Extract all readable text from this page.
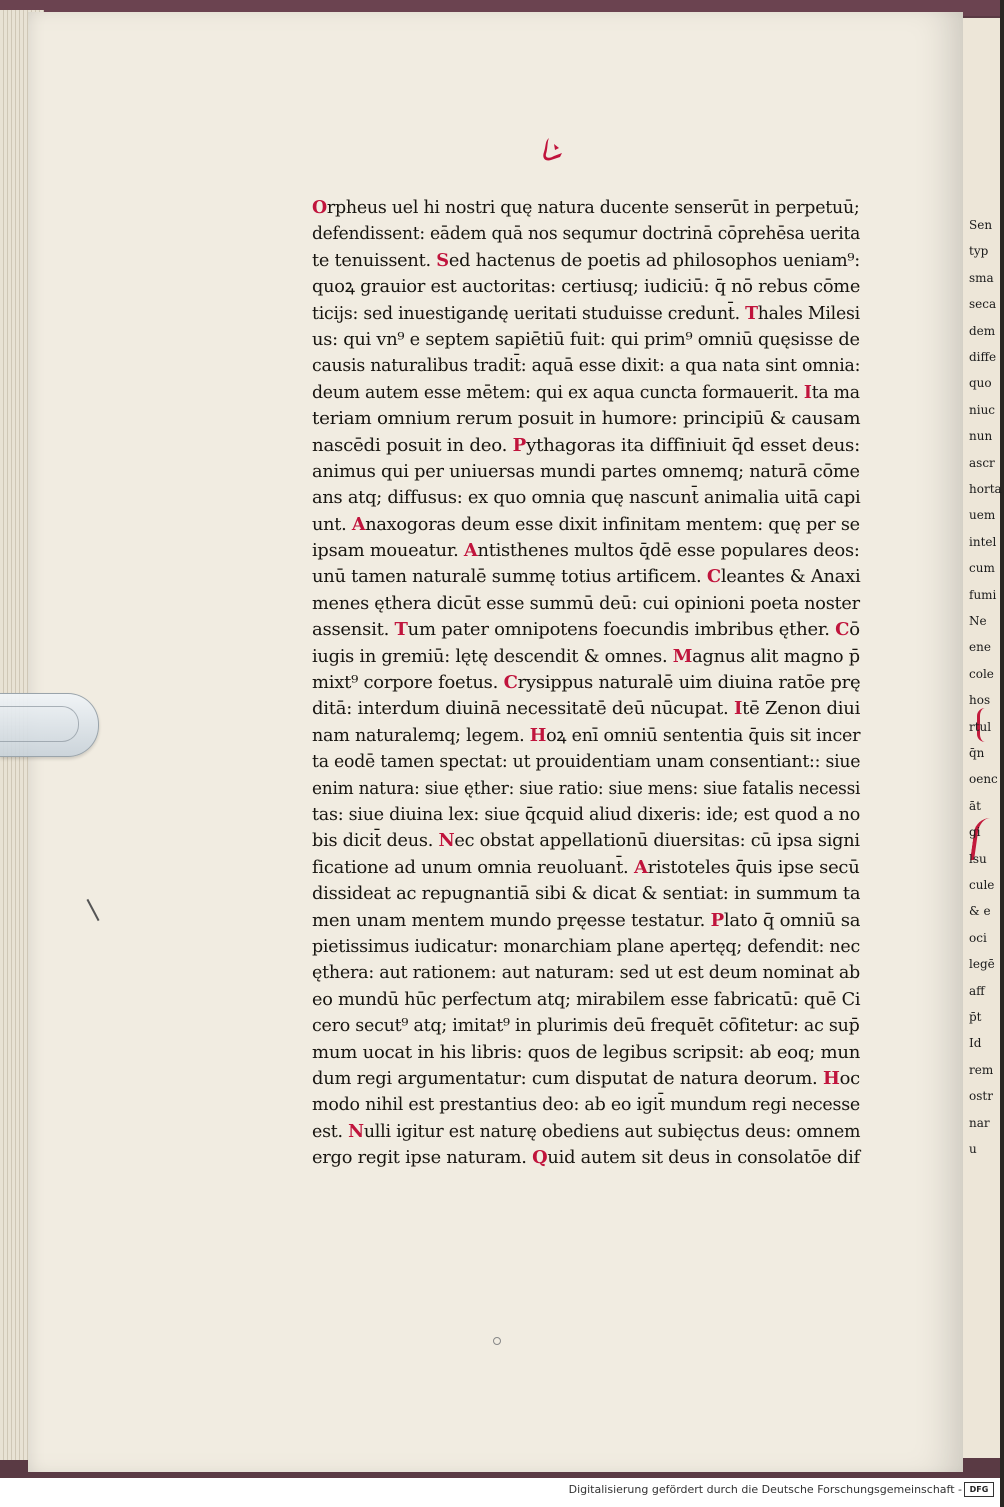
Sen
typ
sma
seca
dem
diffe
quo
niuc
nun
ascr
horta
uem
intel
cum
fumi
Ne
ene
cole
hos
rtul
q̄n
oenc
āt
gi
lsu
cule
& e
oci
legē
aff
p̄t
Id
rem
ostr
nar
u
L
Orpheus uel hi nostri quę natura ducente senserūt in perpetuū;
defendissent: eādem quā nos sequmur doctrinā cōprehēsa uerita
te tenuissent. Sed hactenus de poetis ad philosophos ueniam⁹:
quoꝝ grauior est auctoritas: certiusq; iudiciū: q̄ nō rebus cōme
ticijs: sed inuestigandę ueritati studuisse credunt̄. Thales Milesi
us: qui vn⁹ e septem sapiētiū fuit: qui prim⁹ omniū quęsisse de
causis naturalibus tradit̄: aquā esse dixit: a qua nata sint omnia:
deum autem esse mētem: qui ex aqua cuncta formauerit. Ita ma
teriam omnium rerum posuit in humore: principiū & causam
nascēdi posuit in deo. Pythagoras ita diffiniuit q̄d esset deus:
animus qui per uniuersas mundi partes omnemq; naturā cōme
ans atq; diffusus: ex quo omnia quę nascunt̄ animalia uitā capi
unt. Anaxogoras deum esse dixit infinitam mentem: quę per se
ipsam moueatur. Antisthenes multos q̄dē esse populares deos:
unū tamen naturalē summę totius artificem. Cleantes & Anaxi
menes ęthera dicūt esse summū deū: cui opinioni poeta noster
assensit. Tum pater omnipotens foecundis imbribus ęther. Cō
iugis in gremiū: lętę descendit & omnes. Magnus alit magno p̄
mixt⁹ corpore foetus. Crysippus naturalē uim diuina ratōe prę
ditā: interdum diuinā necessitatē deū nūcupat. Itē Zenon diui
nam naturalemq; legem. Hoꝝ enī omniū sententia q̄uis sit incer
ta eodē tamen spectat: ut prouidentiam unam consentiant:: siue
enim natura: siue ęther: siue ratio: siue mens: siue fatalis necessi
tas: siue diuina lex: siue q̄cquid aliud dixeris: ide; est quod a no
bis dicit̄ deus. Nec obstat appellationū diuersitas: cū ipsa signi
ficatione ad unum omnia reuoluant̄. Aristoteles q̄uis ipse secū
dissideat ac repugnantiā sibi & dicat & sentiat: in summum ta
men unam mentem mundo pręesse testatur. Plato q̄ omniū sa
pietissimus iudicatur: monarchiam plane apertęq; defendit: nec
ęthera: aut rationem: aut naturam: sed ut est deum nominat ab
eo mundū hūc perfectum atq; mirabilem esse fabricatū: quē Ci
cero secut⁹ atq; imitat⁹ in plurimis deū frequēt cōfitetur: ac sup̄
mum uocat in his libris: quos de legibus scripsit: ab eoq; mun
dum regi argumentatur: cum disputat de natura deorum. Hoc
modo nihil est prestantius deo: ab eo igit̄ mundum regi necesse
est. Nulli igitur est naturę obediens aut subięctus deus: omnem
ergo regit ipse naturam. Quid autem sit deus in consolatōe dif
Digitalisierung gefördert durch die Deutsche Forschungsgemeinschaft - DFG
